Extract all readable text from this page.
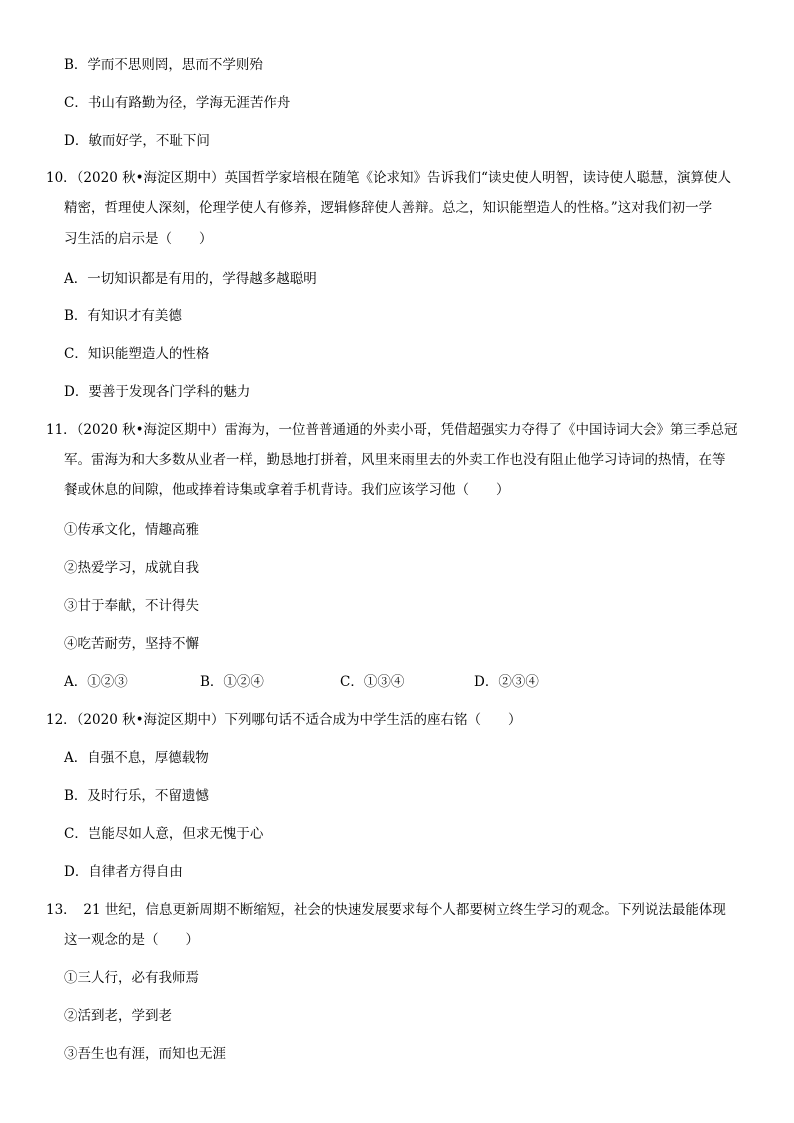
B．学而不思则罔，思而不学则殆
C．书山有路勤为径，学海无涯苦作舟
D．敏而好学，不耻下问
10．（2020 秋•海淀区期中）英国哲学家培根在随笔《论求知》告诉我们“读史使人明智，读诗使人聪慧，演算使人
精密，哲理使人深刻，伦理学使人有修养，逻辑修辞使人善辩。总之，知识能塑造人的性格。”这对我们初一学
习生活的启示是（　　）
A．一切知识都是有用的，学得越多越聪明
B．有知识才有美德
C．知识能塑造人的性格
D．要善于发现各门学科的魅力
11．（2020 秋•海淀区期中）雷海为，一位普普通通的外卖小哥，凭借超强实力夺得了《中国诗词大会》第三季总冠
军。雷海为和大多数从业者一样，勤恳地打拼着，风里来雨里去的外卖工作也没有阻止他学习诗词的热情，在等
餐或休息的间隙，他或捧着诗集或拿着手机背诗。我们应该学习他（　　）
①传承文化，情趣高雅
②热爱学习，成就自我
③甘于奉献，不计得失
④吃苦耐劳，坚持不懈
A．①②③	B．①②④	C．①③④	D．②③④
12．（2020 秋•海淀区期中）下列哪句话不适合成为中学生活的座右铭（　　）
A．自强不息，厚德载物
B．及时行乐，不留遗憾
C．岂能尽如人意，但求无愧于心
D．自律者方得自由
13．　21 世纪，信息更新周期不断缩短，社会的快速发展要求每个人都要树立终生学习的观念。下列说法最能体现
这一观念的是（　　）
①三人行，必有我师焉
②活到老，学到老
③吾生也有涯，而知也无涯
